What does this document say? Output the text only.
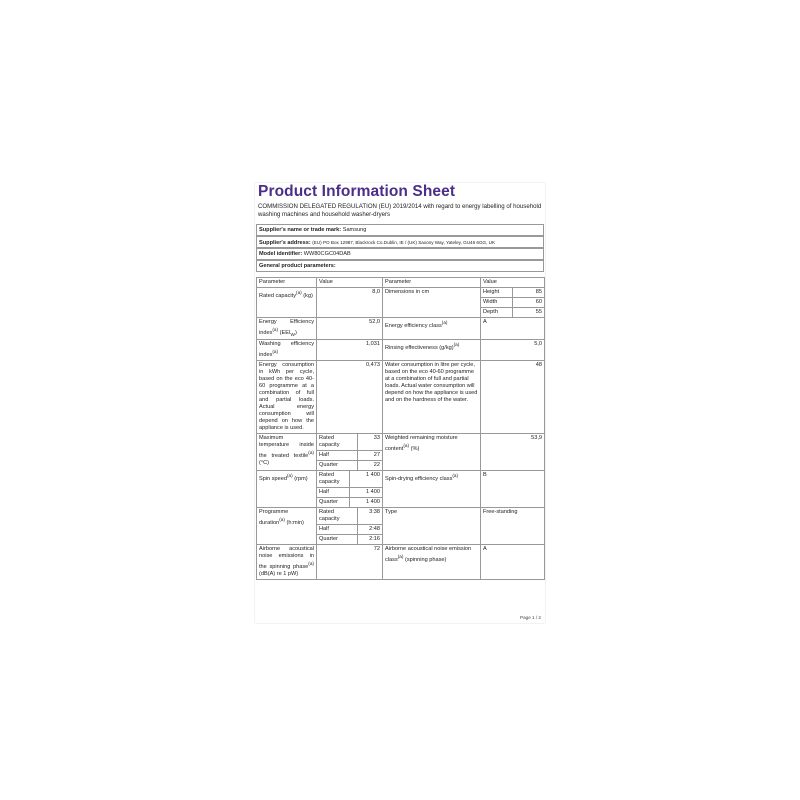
Product Information Sheet
COMMISSION DELEGATED REGULATION (EU) 2019/2014 with regard to energy labelling of household washing machines and household washer-dryers
Supplier's name or trade mark: Samsung
Supplier's address: (EU) PO Box 12987, Blackrock Co.Dublin, IE / (UK) Saxony Way, Yateley, GU46 6GG, UK
Model identifier: WW80CGC04DAB
General product parameters:
Parameter	Value	Parameter	Value
Rated capacity$^{(a)}$ (kg)	8,0	Dimensions in cm		Height	85
Width	60
Depth	55

Energy Efficiency index$^{(a)}$ $(EEI_W)$	52,0	Energy efficiency class$^{(a)}$	A
Washing efficiency index$^{(a)}$	1,031	Rinsing effectiveness $(g/kg)^{(a)}$	5,0
Energy consumption in kWh per cycle, based on the eco 40-60 programme at a combination of full and partial loads. Actual energy consumption will depend on how the appliance is used.	0,473	Water consumption in litre per cycle, based on the eco 40-60 programme at a combination of full and partial loads. Actual water consumption will depend on how the appliance is used and on the hardness of the water.	48
Maximum temperature inside the treated textile$^{(a)}$ (°C)	
Rated capacity	33
Half	27
Quarter	22
	Weighted remaining moisture content$^{(a)}$ (%)	53,9
Spin speed$^{(a)}$ (rpm)	
Rated capacity	1 400
Half	1 400
Quarter	1 400
	Spin-drying efficiency class$^{(a)}$	B
Programme duration$^{(a)}$ (h:min)	
Rated capacity	3:38
Half	2:48
Quarter	2:16
	Type	Free-standing
Airborne acoustical noise emissions in the spinning phase$^{(a)}$ (dB(A) re 1 pW)	72	Airborne acoustical noise emission class$^{(a)}$ (spinning phase)	A
Page 1 / 2
